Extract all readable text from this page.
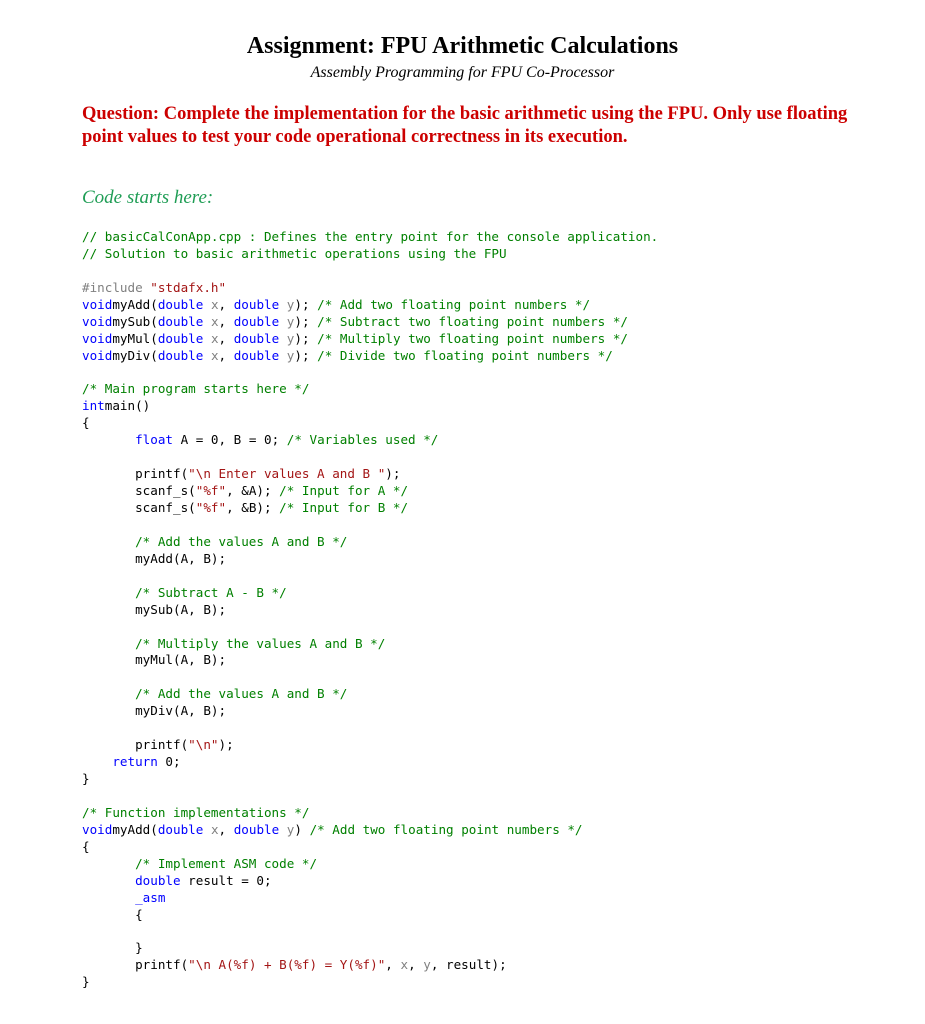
Assignment: FPU Arithmetic Calculations
Assembly Programming for FPU Co-Processor
Question: Complete the implementation for the basic arithmetic using the FPU. Only use floating point values to test your code operational correctness in its execution.
Code starts here:
// basicCalConApp.cpp : Defines the entry point for the console application.
// Solution to basic arithmetic operations using the FPU

#include "stdafx.h"
voidmyAdd(double x, double y); /* Add two floating point numbers */
voidmySub(double x, double y); /* Subtract two floating point numbers */
voidmyMul(double x, double y); /* Multiply two floating point numbers */
voidmyDiv(double x, double y); /* Divide two floating point numbers */

/* Main program starts here */
intmain()
{
float A = 0, B = 0; /* Variables used */

printf("\n Enter values A and B ");
scanf_s("%f", &A); /* Input for A */
scanf_s("%f", &B); /* Input for B */

/* Add the values A and B */
myAdd(A, B);

/* Subtract A - B */
mySub(A, B);

/* Multiply the values A and B */
myMul(A, B);

/* Add the values A and B */
myDiv(A, B);

printf("\n");
return 0;
}

/* Function implementations */
voidmyAdd(double x, double y) /* Add two floating point numbers */
{
/* Implement ASM code */
double result = 0;
_asm
{

}
printf("\n A(%f) + B(%f) = Y(%f)", x, y, result);
}
